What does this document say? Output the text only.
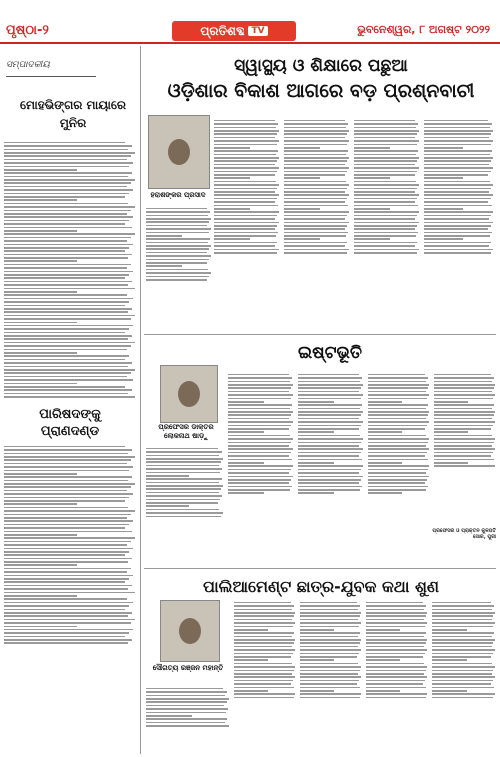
ପୃଷ୍ଠା-୨	ପ୍ରତିଶବ୍ଦ TV	ଭୁବନେଶ୍ୱର, ୮ ଅଗଷ୍ଟ ୨୦୨୨
ସମ୍ପାଦକୀୟ
ମୋହଭିଙ୍ଗର ମାୟାରେ ମୁନିର
ପାରିଷଦଙ୍କୁ ପ୍ରାଣଦଣ୍ଡ
ସ୍ୱାସ୍ଥ୍ୟ ଓ ଶିକ୍ଷାରେ ପଛୁଆ
ଓଡ଼ିଶାର ବିକାଶ ଆଗରେ ବଡ଼ ପ୍ରଶ୍ନବାଚୀ
ହରାଶଙ୍କର ପ୍ରସାଦ
ଇଷ୍ଟଭୂତି
ପ୍ରଫେସର ଡାକ୍ତର ଲୋକନାଥ ଷାଡ଼ୁ
ପ୍ରଫେସର ଓ ପ୍ରାକ୍ତନ କୁଳପତି
ସୋର, ପୁରୀ
ପାଲିଆମେଣ୍ଟ ଛାତ୍ର-ଯୁବକ କଥା ଶୁଣ
ସୌଗତ୍ୟ ରଞ୍ଜନ ମହାନ୍ତି
